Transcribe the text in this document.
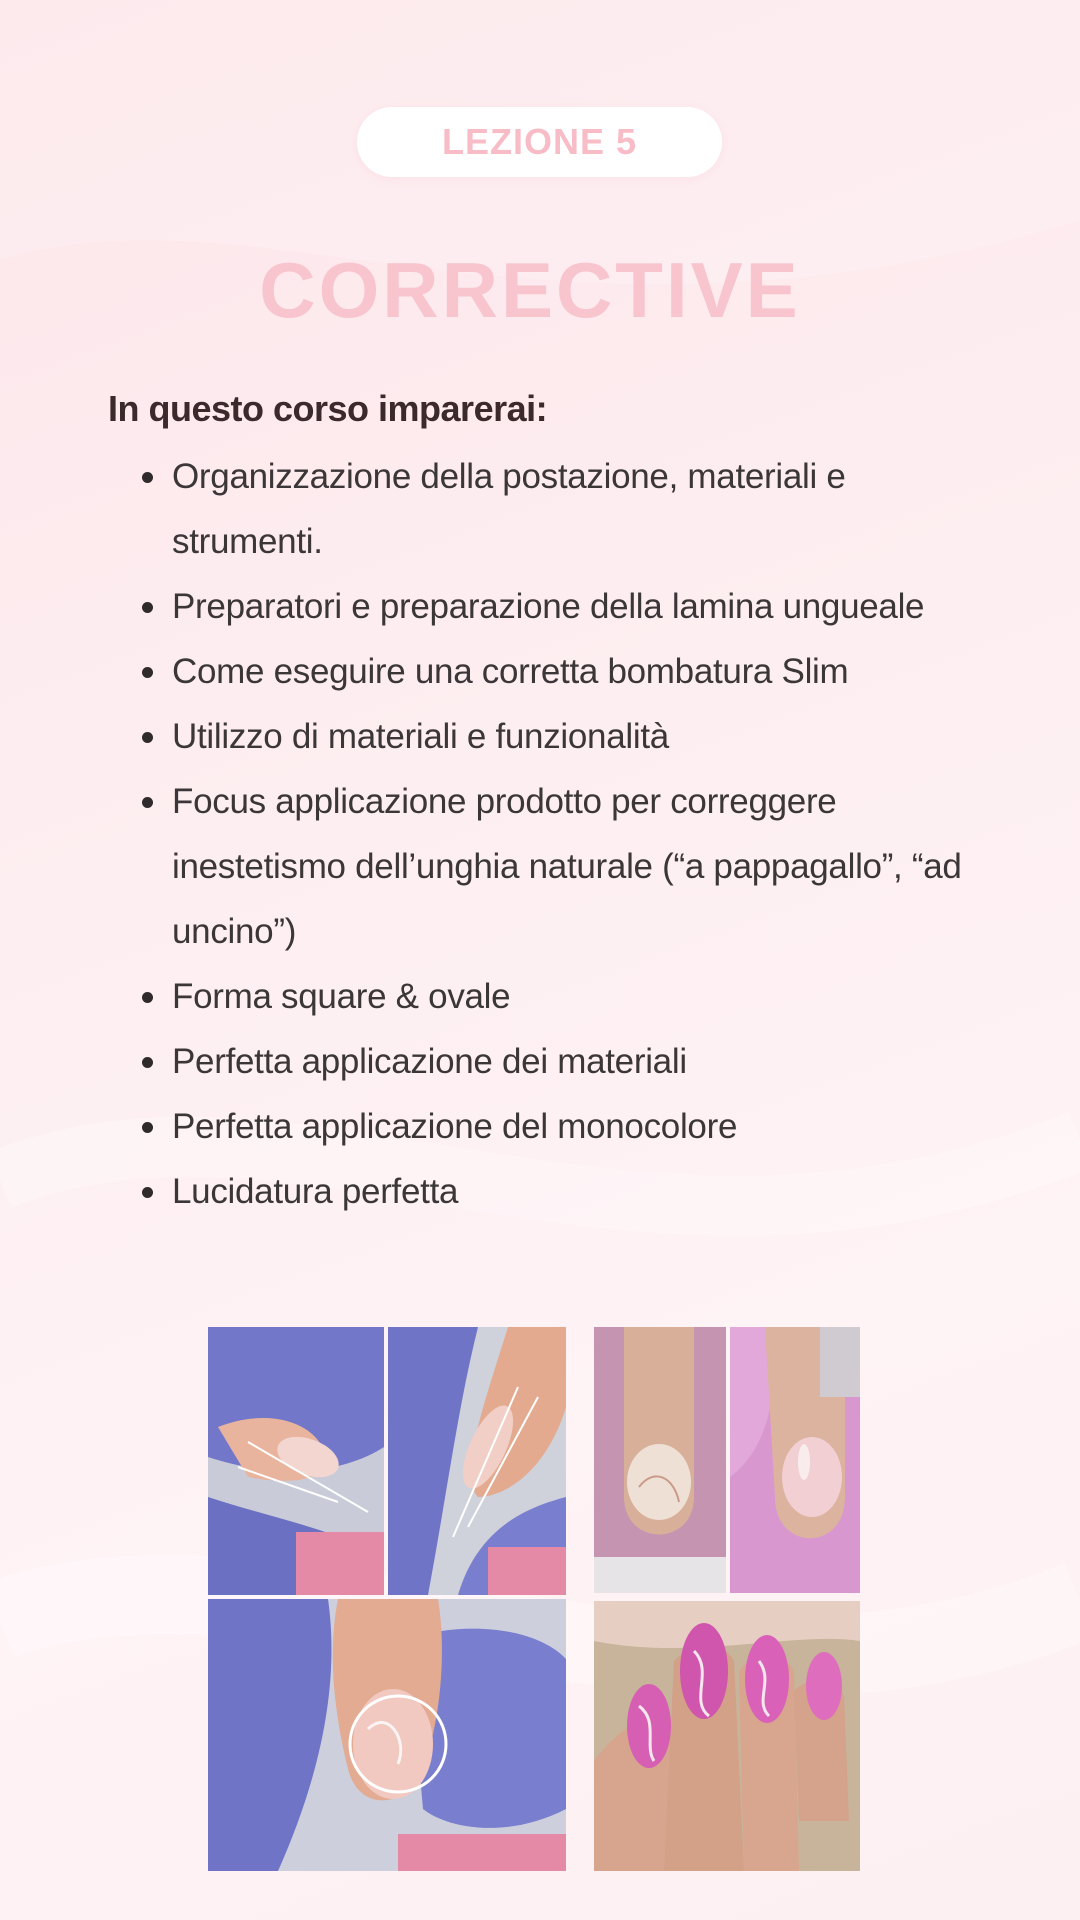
LEZIONE 5
CORRECTIVE
In questo corso imparerai:
Organizzazione della postazione, materiali e strumenti.
Preparatori e preparazione della lamina ungueale
Come eseguire una corretta bombatura Slim
Utilizzo di materiali e funzionalità
Focus applicazione prodotto per correggere inestetismo dell’unghia naturale (“a pappagallo”, “ad uncino”)
Forma square & ovale
Perfetta applicazione dei materiali
Perfetta applicazione del monocolore
Lucidatura perfetta
